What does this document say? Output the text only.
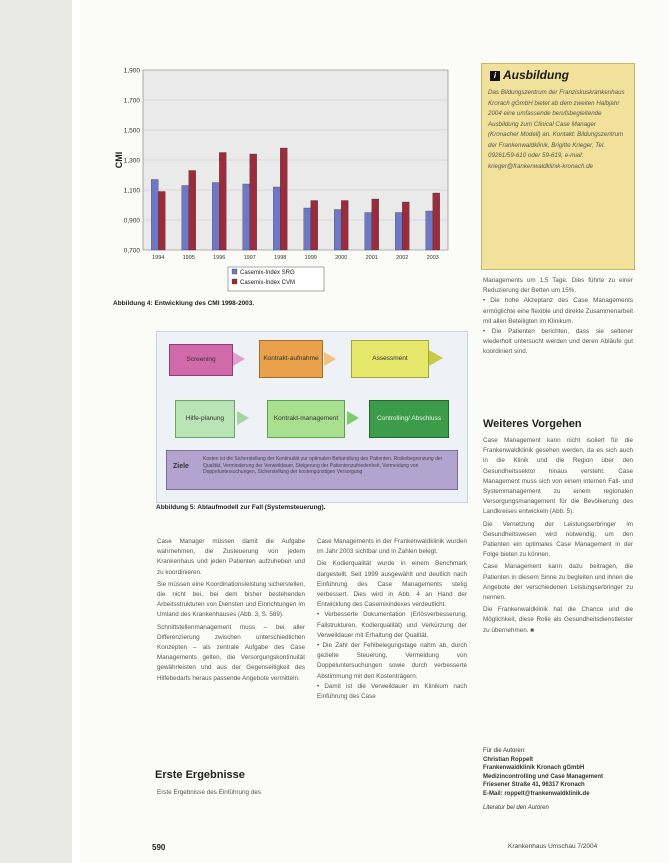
0,700
0,900
1,100
1,300
1,500
1,700
1,900
CMI
1994	1995	1996	1997	1998	1999	2000	2001	2002	2003
Casemix-Index SRG
Casemix-Index CVM
Abbildung 4: Entwicklung des CMI 1998-2003.
i Ausbildung

Das Bildungszentrum der Franziskuskrankenhaus Krorach gGmbH bietet ab dem zweiten Halbjahr 2004 eine umfassende berufsbegleitende Ausbildung zum Clinical Case Manager (Kronacher Modell) an. Kontakt: Bildungszentrum der Frankenwaldklinik, Brigitte Krieger, Tel. 09261/59-610 oder 59-619, e-mail: krieger@frankenwaldklinik-kronach.de

Screening	Kontrakt-aufnahme	Assessment
Hilfe-planung	Kontrakt-management	Controlling/ Abschluss
Ziele
Kosten ist die Sicherstellung der Kontinuität zur optimalen Behandlung des Patienten. Risikobegrenzung der Qualität, Verminderung der Verweildauer, Steigerung der Patientenzufriedenheit, Vermeidung von Doppeluntersuchungen, Sicherstellung der kostengünstigen Versorgung
Abbildung 5: Ablaufmodell zur Fall (Systemsteuerung).

Case Manager müssen damit die Aufgabe wahrnehmen, die Zusteuerung von jedem Krankenhaus und jeden Patienten aufzuheben und zu koordinieren.

Sie müssen eine Koordinationsleistung sicherstellen, die nicht bei, bei dem bisher bestehenden Arbeitsstrukturen von Diensten und Einrichtungen im Umland des Krankenhauses (Abb. 3, S. 589).

Schnittstellenmanagement muss – bei aller Differenzierung zwischen unterschiedlichen Konzepten – als zentrale Aufgabe des Case Managements gelten, die Versorgungskontinuität gewährleisten und aus der Gegenseitigkeit des Hilfebedarfs heraus passende Angebote vermitteln.

Erste Ergebnisse
Erste Ergebnisse des Einführung des

Case Managements in der Frankenwaldklinik wurden im Jahr 2003 sichtbar und in Zahlen belegt.

Die Kodierqualität wurde in einem Benchmark dargestellt. Seit 1999 ausgewählt und deutlich nach Einführung des Case Managements stetig verbessert. Dies wird in Abb. 4 an Hand der Entwicklung des Casemixindexes verdeutlicht.

• Verbesserte Dokumentation (Erlösverbesserung, Fallstrukturen, Kodierqualität) und Verkürzung der Verweildauer mit Erhaltung der Qualität.

• Die Zahl der Fehlbelegungstage nahm ab, durch gezielte Steuerung, Vermeidung von Doppeluntersuchungen sowie durch verbesserte Abstimmung mit den Kostenträgern.

• Damit ist die Verweildauer im Klinikum nach Einführung des Case

Managements um 1,5 Tage. Dies führte zu einer Reduzierung der Betten um 15%.

• Die hohe Akzeptanz des Case Managements ermöglichte eine flexible und direkte Zusammenarbeit mit allen Beteiligten im Klinikum.

• Die Patienten berichten, dass sie seltener wiederholt untersucht werden und deren Abläufe gut koordiniert sind.

Weiteres Vorgehen

Case Management kann nicht isoliert für die Frankenwaldklinik gesehen werden, da es sich auch in die Klinik und die Region über den Gesundheitssektor hinaus versteht. Case Management muss sich von einem internen Fall- und Systemmanagement zu einem regionalen Versorgungsmanagement für die Bevölkerung des Landkreises entwickeln (Abb. 5).

Die Vernetzung der Leistungserbringer im Gesundheitswesen wird notwendig, um den Patienten ein optimales Case Management in der Folge bieten zu können.

Case Management kann dazu beitragen, die Patienten in diesem Sinne zu begleiten und ihnen die Angebote der verschiedenen Leistungserbringer zu nennen.

Die Frankenwaldklinik hat die Chance und die Möglichkeit, diese Rolle als Gesundheitsdienstleister zu übernehmen. ■

Für die Autoren:
Christian Roppelt
Frankenwaldklinik Kronach gGmbH
Medizincontrolling und Case Management
Friesener Straße 41, 96317 Kronach
E-Mail: roppelt@frankenwaldklinik.de
Literatur bei den Autoren
590	Krankenhaus Umschau 7/2004
